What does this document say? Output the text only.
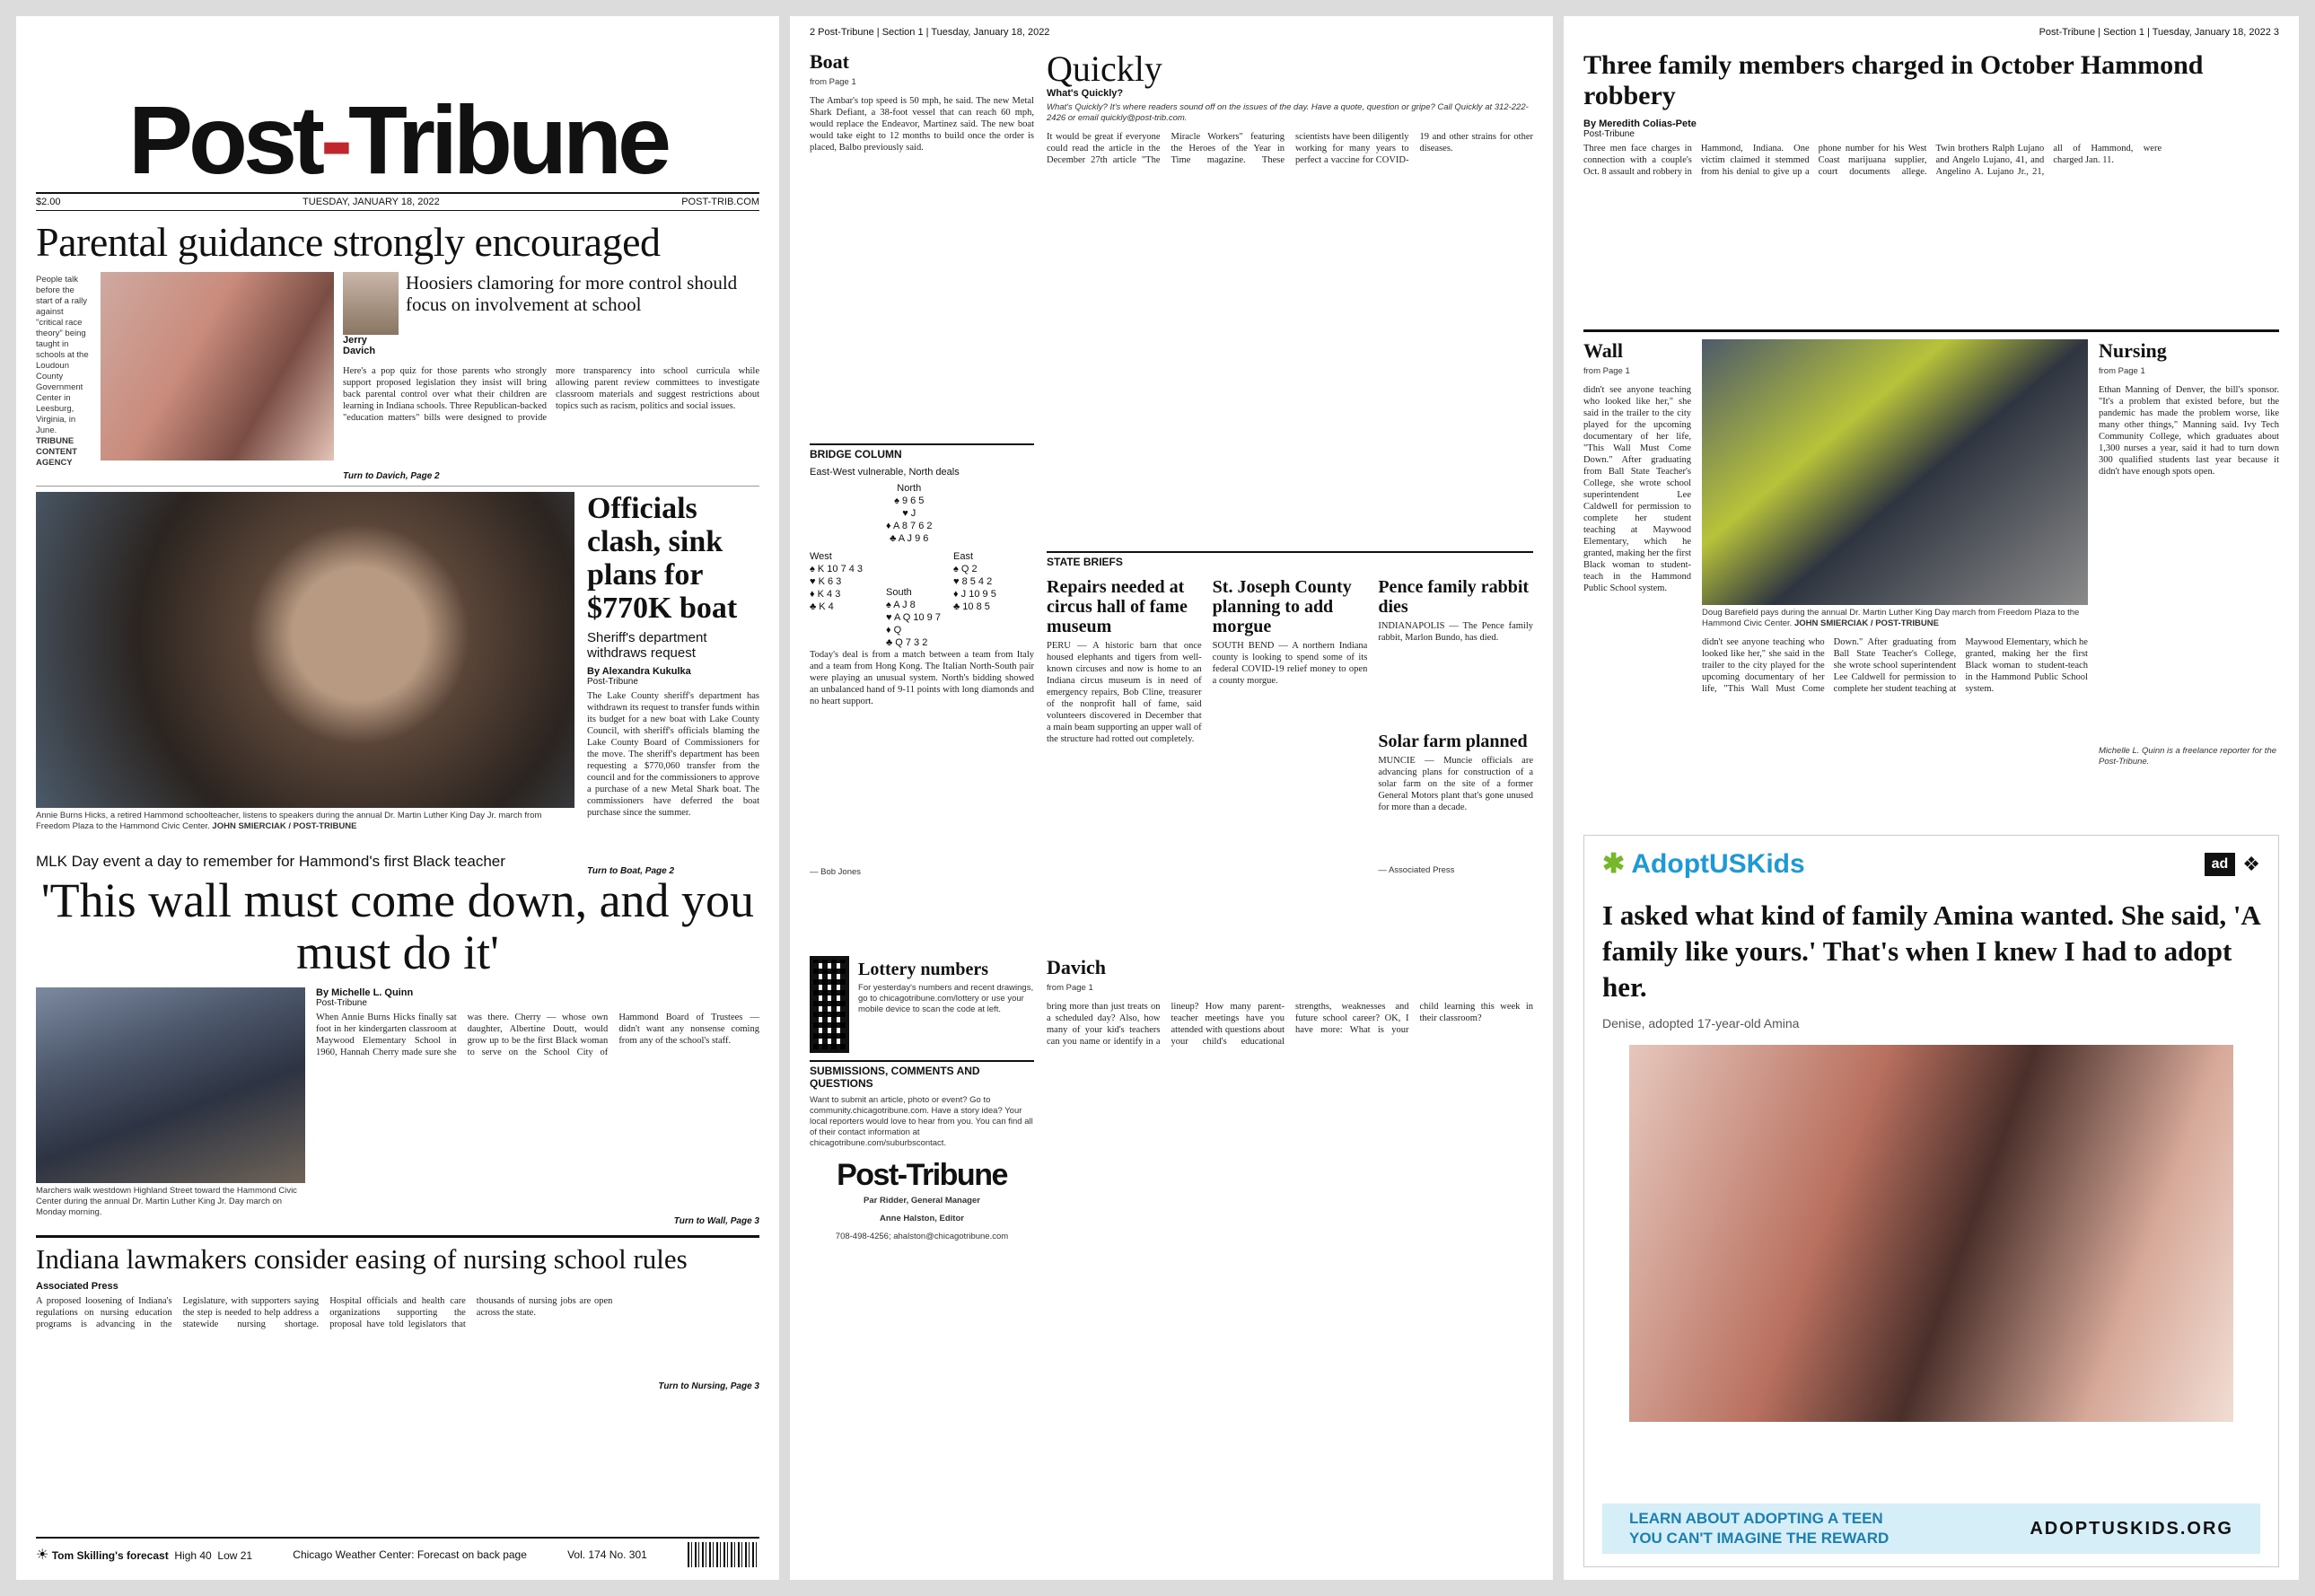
Post-Tribune
$2.00	TUESDAY, JANUARY 18, 2022	POST-TRIB.COM
Parental guidance strongly encouraged
People talk before the start of a rally against "critical race theory" being taught in schools at the Loudoun County Government Center in Leesburg, Virginia, in June. TRIBUNE CONTENT AGENCY
Jerry Davich
Hoosiers clamoring for more control should focus on involvement at school
Here's a pop quiz for those parents who strongly support proposed legislation they insist will bring back parental control over what their children are learning in Indiana schools. Three Republican-backed "education matters" bills were designed to provide more transparency into school curricula while allowing parent review committees to investigate classroom materials and suggest restrictions about topics such as racism, politics and social issues.
Turn to Davich, Page 2
Annie Burns Hicks, a retired Hammond schoolteacher, listens to speakers during the annual Dr. Martin Luther King Day Jr. march from Freedom Plaza to the Hammond Civic Center. JOHN SMIERCIAK / POST-TRIBUNE
Officials clash, sink plans for $770K boat
Sheriff's department withdraws request
By Alexandra Kukulka
Post-Tribune
The Lake County sheriff's department has withdrawn its request to transfer funds within its budget for a new boat with Lake County Council, with sheriff's officials blaming the Lake County Board of Commissioners for the move. The sheriff's department has been requesting a $770,060 transfer from the council and for the commissioners to approve a purchase of a new Metal Shark boat. The commissioners have deferred the boat purchase since the summer.
Turn to Boat, Page 2
MLK Day event a day to remember for Hammond's first Black teacher
'This wall must come down, and you must do it'
Marchers walk westdown Highland Street toward the Hammond Civic Center during the annual Dr. Martin Luther King Jr. Day march on Monday morning.
By Michelle L. Quinn
Post-Tribune
When Annie Burns Hicks finally sat foot in her kindergarten classroom at Maywood Elementary School in 1960, Hannah Cherry made sure she was there. Cherry — whose own daughter, Albertine Doutt, would grow up to be the first Black woman to serve on the School City of Hammond Board of Trustees — didn't want any nonsense coming from any of the school's staff.
Turn to Wall, Page 3
Indiana lawmakers consider easing of nursing school rules
Associated Press
A proposed loosening of Indiana's regulations on nursing education programs is advancing in the Legislature, with supporters saying the step is needed to help address a statewide nursing shortage. Hospital officials and health care organizations supporting the proposal have told legislators that thousands of nursing jobs are open across the state.
Turn to Nursing, Page 3
☀ Tom Skilling's forecast High 40 Low 21	Chicago Weather Center: Forecast on back page	Vol. 174 No. 301
2 Post-Tribune | Section 1 | Tuesday, January 18, 2022
Boat
from Page 1
The Ambar's top speed is 50 mph, he said. The new Metal Shark Defiant, a 38-foot vessel that can reach 60 mph, would replace the Endeavor, Martinez said. The new boat would take eight to 12 months to build once the order is placed, Balbo previously said.
BRIDGE COLUMN
East-West vulnerable, North deals
North
♠ 9 6 5
♥ J
♦ A 8 7 6 2
♣ A J 9 6
West
♠ K 10 7 4 3
♥ K 6 3
♦ K 4 3
♣ K 4
East
♠ Q 2
♥ 8 5 4 2
♦ J 10 9 5
♣ 10 8 5
South
♠ A J 8
♥ A Q 10 9 7
♦ Q
♣ Q 7 3 2
Today's deal is from a match between a team from Italy and a team from Hong Kong. The Italian North-South pair were playing an unusual system. North's bidding showed an unbalanced hand of 9-11 points with long diamonds and no heart support.
— Bob Jones
Quickly
What's Quickly?
What's Quickly? It's where readers sound off on the issues of the day. Have a quote, question or gripe? Call Quickly at 312-222-2426 or email quickly@post-trib.com.
It would be great if everyone could read the article in the December 27th article "The Miracle Workers" featuring the Heroes of the Year in Time magazine. These scientists have been diligently working for many years to perfect a vaccine for COVID-19 and other strains for other diseases.
STATE BRIEFS
Repairs needed at circus hall of fame museum
PERU — A historic barn that once housed elephants and tigers from well-known circuses and now is home to an Indiana circus museum is in need of emergency repairs, Bob Cline, treasurer of the nonprofit hall of fame, said volunteers discovered in December that a main beam supporting an upper wall of the structure had rotted out completely.
St. Joseph County planning to add morgue
SOUTH BEND — A northern Indiana county is looking to spend some of its federal COVID-19 relief money to open a county morgue.
Pence family rabbit dies
INDIANAPOLIS — The Pence family rabbit, Marlon Bundo, has died.
Solar farm planned
MUNCIE — Muncie officials are advancing plans for construction of a solar farm on the site of a former General Motors plant that's gone unused for more than a decade.
— Associated Press
Lottery numbers
For yesterday's numbers and recent drawings, go to chicagotribune.com/lottery or use your mobile device to scan the code at left.
SUBMISSIONS, COMMENTS AND QUESTIONS
Want to submit an article, photo or event? Go to community.chicagotribune.com. Have a story idea? Your local reporters would love to hear from you. You can find all of their contact information at chicagotribune.com/suburbscontact.
Post-Tribune
Par Ridder, General Manager
Anne Halston, Editor
708-498-4256; ahalston@chicagotribune.com
Davich
from Page 1
bring more than just treats on a scheduled day? Also, how many of your kid's teachers can you name or identify in a lineup? How many parent-teacher meetings have you attended with questions about your child's educational strengths, weaknesses and future school career? OK, I have more: What is your child learning this week in their classroom?
Post-Tribune | Section 1 | Tuesday, January 18, 2022 3
Three family members charged in October Hammond robbery
By Meredith Colias-Pete
Post-Tribune
Three men face charges in connection with a couple's Oct. 8 assault and robbery in Hammond, Indiana. One victim claimed it stemmed from his denial to give up a phone number for his West Coast marijuana supplier, court documents allege. Twin brothers Ralph Lujano and Angelo Lujano, 41, and Angelino A. Lujano Jr., 21, all of Hammond, were charged Jan. 11.
Wall
from Page 1
didn't see anyone teaching who looked like her," she said in the trailer to the city played for the upcoming documentary of her life, "This Wall Must Come Down." After graduating from Ball State Teacher's College, she wrote school superintendent Lee Caldwell for permission to complete her student teaching at Maywood Elementary, which he granted, making her the first Black woman to student-teach in the Hammond Public School system.
Doug Barefield pays during the annual Dr. Martin Luther King Day march from Freedom Plaza to the Hammond Civic Center. JOHN SMIERCIAK / POST-TRIBUNE
didn't see anyone teaching who looked like her," she said in the trailer to the city played for the upcoming documentary of her life, "This Wall Must Come Down." After graduating from Ball State Teacher's College, she wrote school superintendent Lee Caldwell for permission to complete her student teaching at Maywood Elementary, which he granted, making her the first Black woman to student-teach in the Hammond Public School system.
Nursing
from Page 1
Ethan Manning of Denver, the bill's sponsor. "It's a problem that existed before, but the pandemic has made the problem worse, like many other things," Manning said. Ivy Tech Community College, which graduates about 1,300 nurses a year, said it had to turn down 300 qualified students last year because it didn't have enough spots open.
Michelle L. Quinn is a freelance reporter for the Post-Tribune.
✱ AdoptUSKids	ad ❖
I asked what kind of family Amina wanted. She said, 'A family like yours.' That's when I knew I had to adopt her.
Denise, adopted 17-year-old Amina
LEARN ABOUT ADOPTING A TEEN
YOU CAN'T IMAGINE THE REWARD	ADOPTUSKIDS.ORG
